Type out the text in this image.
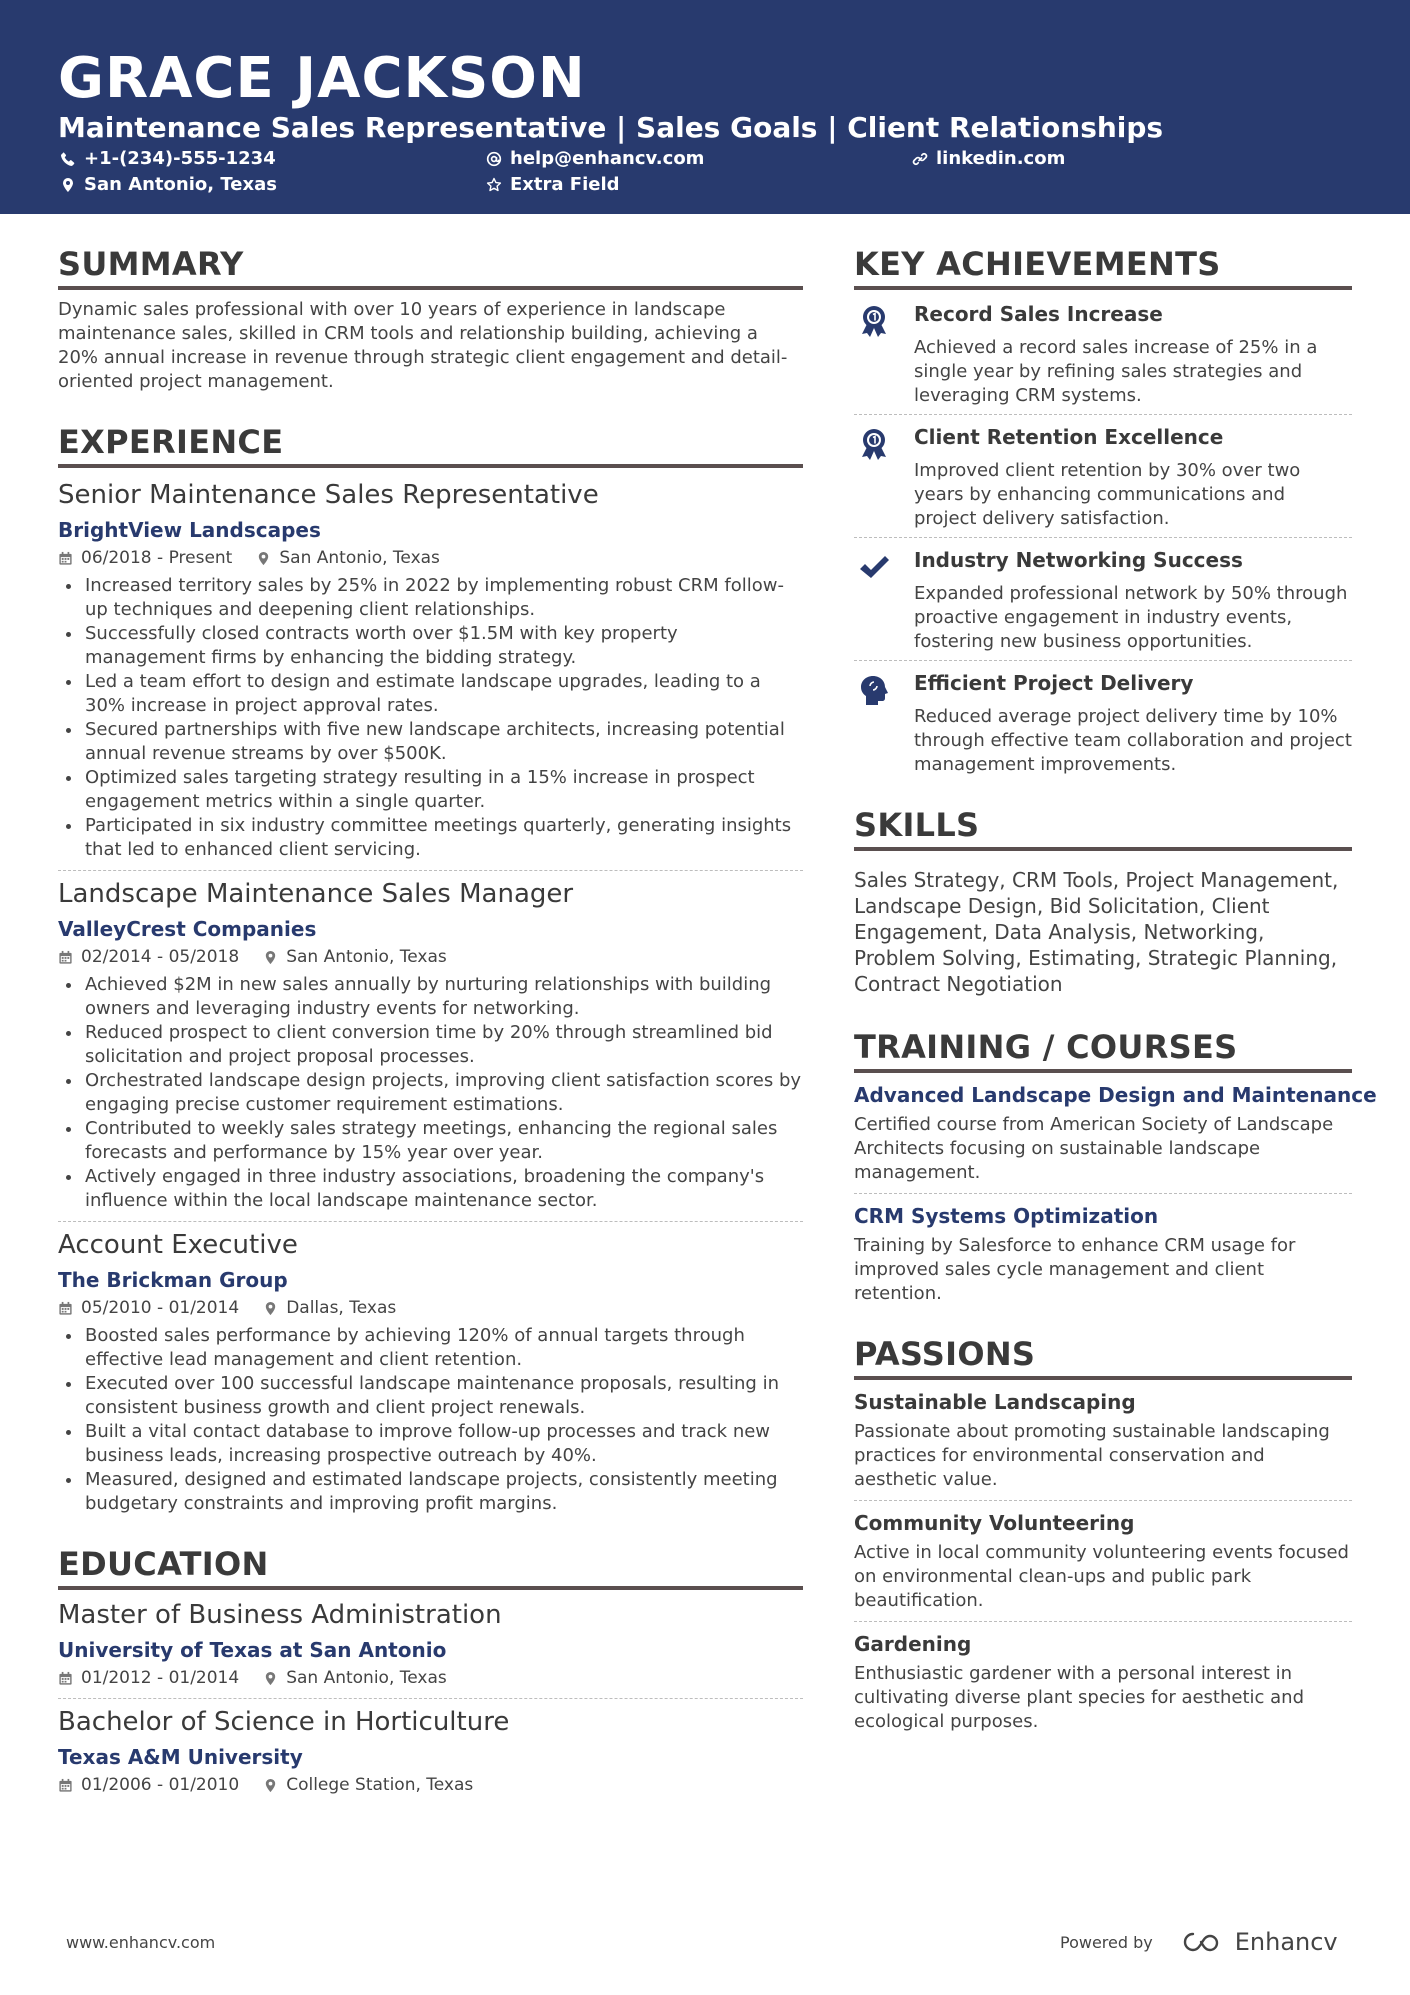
GRACE JACKSON
Maintenance Sales Representative | Sales Goals | Client Relationships
+1-(234)-555-1234	help@enhancv.com	linkedin.com
San Antonio, Texas	Extra Field
SUMMARY
Dynamic sales professional with over 10 years of experience in landscape maintenance sales, skilled in CRM tools and relationship building, achieving a 20% annual increase in revenue through strategic client engagement and detail-oriented project management.
EXPERIENCE
Senior Maintenance Sales Representative
BrightView Landscapes
06/2018 - Present	San Antonio, Texas
Increased territory sales by 25% in 2022 by implementing robust CRM follow-up techniques and deepening client relationships.
Successfully closed contracts worth over $1.5M with key property management firms by enhancing the bidding strategy.
Led a team effort to design and estimate landscape upgrades, leading to a 30% increase in project approval rates.
Secured partnerships with five new landscape architects, increasing potential annual revenue streams by over $500K.
Optimized sales targeting strategy resulting in a 15% increase in prospect engagement metrics within a single quarter.
Participated in six industry committee meetings quarterly, generating insights that led to enhanced client servicing.
Landscape Maintenance Sales Manager
ValleyCrest Companies
02/2014 - 05/2018	San Antonio, Texas
Achieved $2M in new sales annually by nurturing relationships with building owners and leveraging industry events for networking.
Reduced prospect to client conversion time by 20% through streamlined bid solicitation and project proposal processes.
Orchestrated landscape design projects, improving client satisfaction scores by engaging precise customer requirement estimations.
Contributed to weekly sales strategy meetings, enhancing the regional sales forecasts and performance by 15% year over year.
Actively engaged in three industry associations, broadening the company's influence within the local landscape maintenance sector.
Account Executive
The Brickman Group
05/2010 - 01/2014	Dallas, Texas
Boosted sales performance by achieving 120% of annual targets through effective lead management and client retention.
Executed over 100 successful landscape maintenance proposals, resulting in consistent business growth and client project renewals.
Built a vital contact database to improve follow-up processes and track new business leads, increasing prospective outreach by 40%.
Measured, designed and estimated landscape projects, consistently meeting budgetary constraints and improving profit margins.
EDUCATION
Master of Business Administration
University of Texas at San Antonio
01/2012 - 01/2014	San Antonio, Texas
Bachelor of Science in Horticulture
Texas A&M University
01/2006 - 01/2010	College Station, Texas
KEY ACHIEVEMENTS
Record Sales Increase
Achieved a record sales increase of 25% in a single year by refining sales strategies and leveraging CRM systems.
Client Retention Excellence
Improved client retention by 30% over two years by enhancing communications and project delivery satisfaction.
Industry Networking Success
Expanded professional network by 50% through proactive engagement in industry events, fostering new business opportunities.
Efficient Project Delivery
Reduced average project delivery time by 10% through effective team collaboration and project management improvements.
SKILLS
Sales Strategy, CRM Tools, Project Management, Landscape Design, Bid Solicitation, Client Engagement, Data Analysis, Networking, Problem Solving, Estimating, Strategic Planning, Contract Negotiation
TRAINING / COURSES
Advanced Landscape Design and Maintenance
Certified course from American Society of Landscape Architects focusing on sustainable landscape management.
CRM Systems Optimization
Training by Salesforce to enhance CRM usage for improved sales cycle management and client retention.
PASSIONS
Sustainable Landscaping
Passionate about promoting sustainable landscaping practices for environmental conservation and aesthetic value.
Community Volunteering
Active in local community volunteering events focused on environmental clean-ups and public park beautification.
Gardening
Enthusiastic gardener with a personal interest in cultivating diverse plant species for aesthetic and ecological purposes.
www.enhancv.com	Powered by	Enhancv
